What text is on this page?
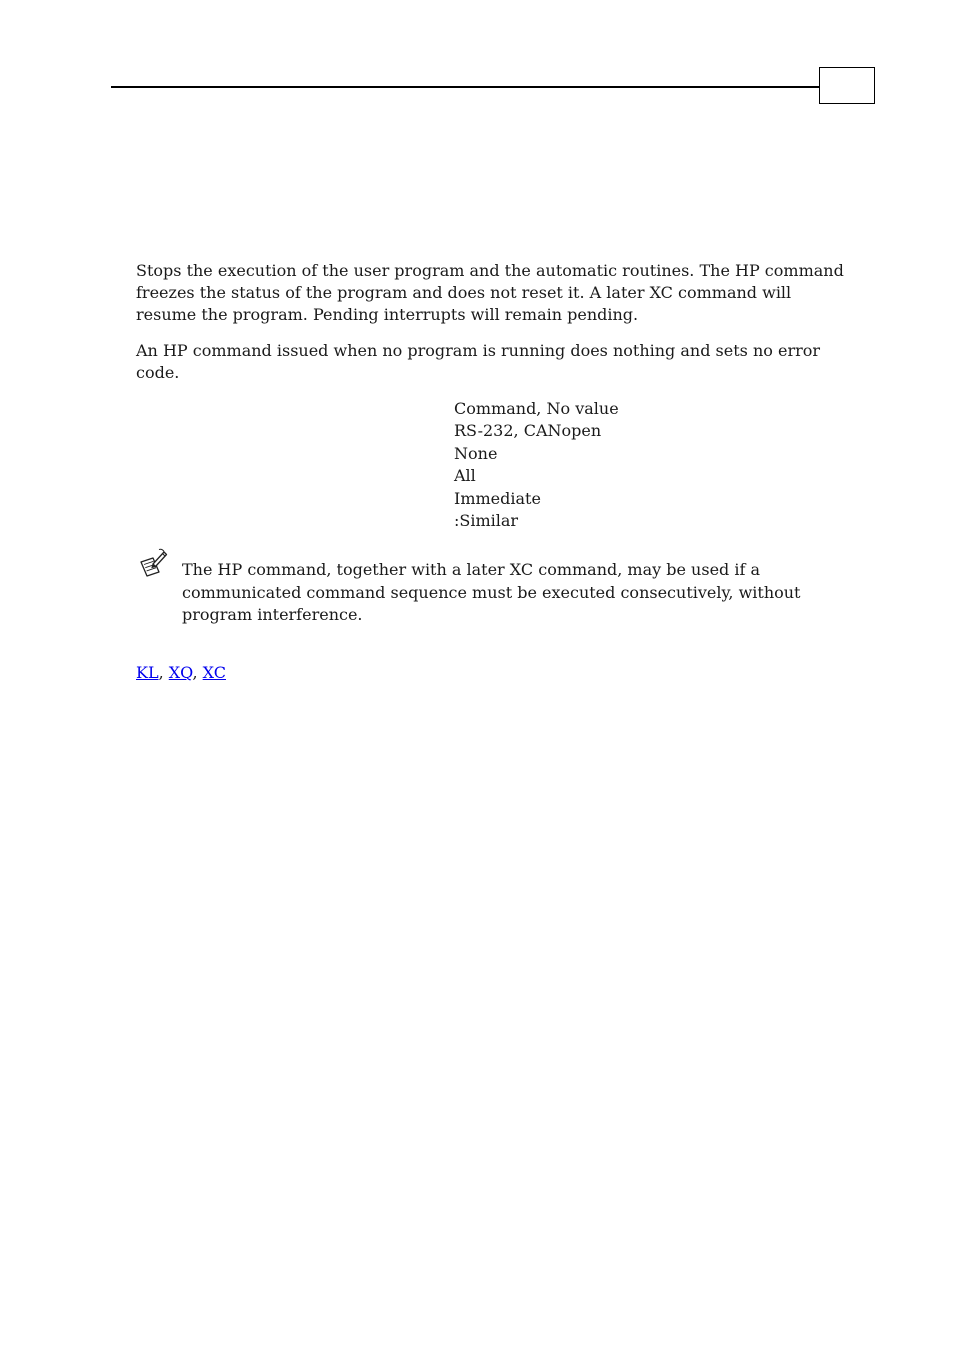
Stops the execution of the user program and the automatic routines. The HP command
freezes the status of the program and does not reset it. A later XC command will
resume the program. Pending interrupts will remain pending.

An HP command issued when no program is running does nothing and sets no error
code.

Command, No value
RS-232, CANopen
None
All
Immediate
:Similar

The HP command, together with a later XC command, may be used if a
communicated command sequence must be executed consecutively, without
program interference.

KL, XQ, XC
